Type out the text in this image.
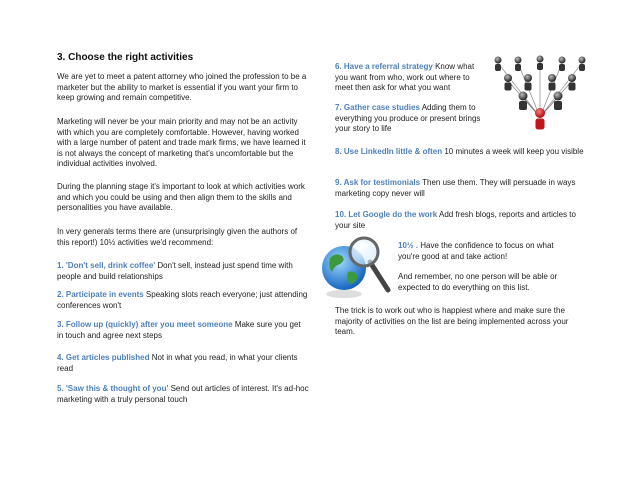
3. Choose the right activities
We are yet to meet a patent attorney who joined the profession to be a marketer but the ability to market is essential if you want your firm to keep growing and remain competitive.
Marketing will never be your main priority and may not be an activity with which you are completely comfortable. However, having worked with a large number of patent and trade mark firms, we have learned it is not always the concept of marketing that's uncomfortable but the individual activities involved.
During the planning stage it's important to look at which activities work and which you could be using and then align them to the skills and personalities you have available.
In very generals terms there are (unsurprisingly given the authors of this report!) 10½ activities we'd recommend:
1. 'Don't sell, drink coffee' Don't sell, instead just spend time with people and build relationships
2. Participate in events Speaking slots reach everyone; just attending conferences won't
3. Follow up (quickly) after you meet someone Make sure you get in touch and agree next steps
4. Get articles published Not in what you read, in what your clients read
5. 'Saw this & thought of you' Send out articles of interest. It's ad-hoc marketing with a truly personal touch
6. Have a referral strategy Know what you want from who, work out where to meet then ask for what you want
7. Gather case studies Adding them to everything you produce or present brings your story to life
8. Use LinkedIn little & often 10 minutes a week will keep you visible
9. Ask for testimonials Then use them. They will persuade in ways marketing copy never will
10. Let Google do the work Add fresh blogs, reports and articles to your site
10½ . Have the confidence to focus on what you're good at and take action!
And remember, no one person will be able or expected to do everything on this list.
The trick is to work out who is happiest where and make sure the majority of activities on the list are being implemented across your team.
